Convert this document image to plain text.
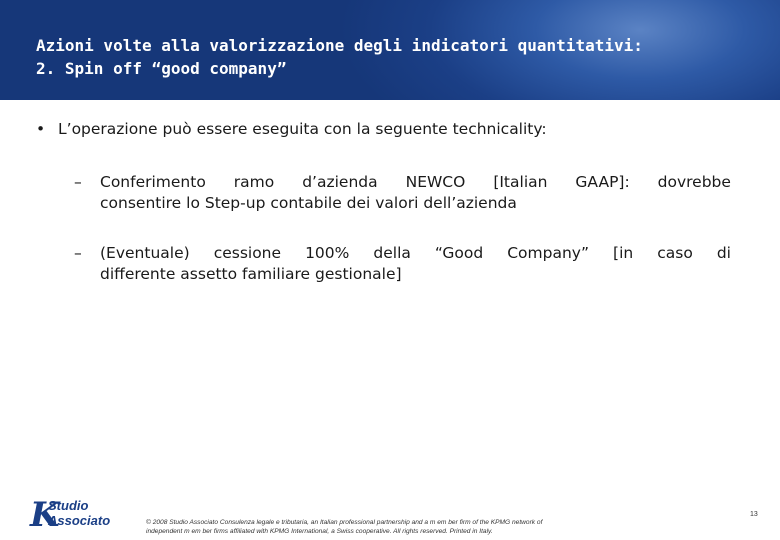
Azioni volte alla valorizzazione degli indicatori quantitativi:
2. Spin off “good company”
• L’operazione può essere eseguita con la seguente technicality:
– Conferimento ramo d’azienda NEWCO [Italian GAAP]: dovrebbe
consentire lo Step-up contabile dei valori dell’azienda
– (Eventuale) cessione 100% della “Good Company” [in caso di
differente assetto familiare gestionale]
K
Studio
Associato	© 2008 Studio Associato Consulenza legale e tributaria, an Italian professional partnership and a m em ber firm of the KPMG network of
independent m em ber firms affiliated with KPMG International, a Swiss cooperative. All rights reserved. Printed in Italy.
13
